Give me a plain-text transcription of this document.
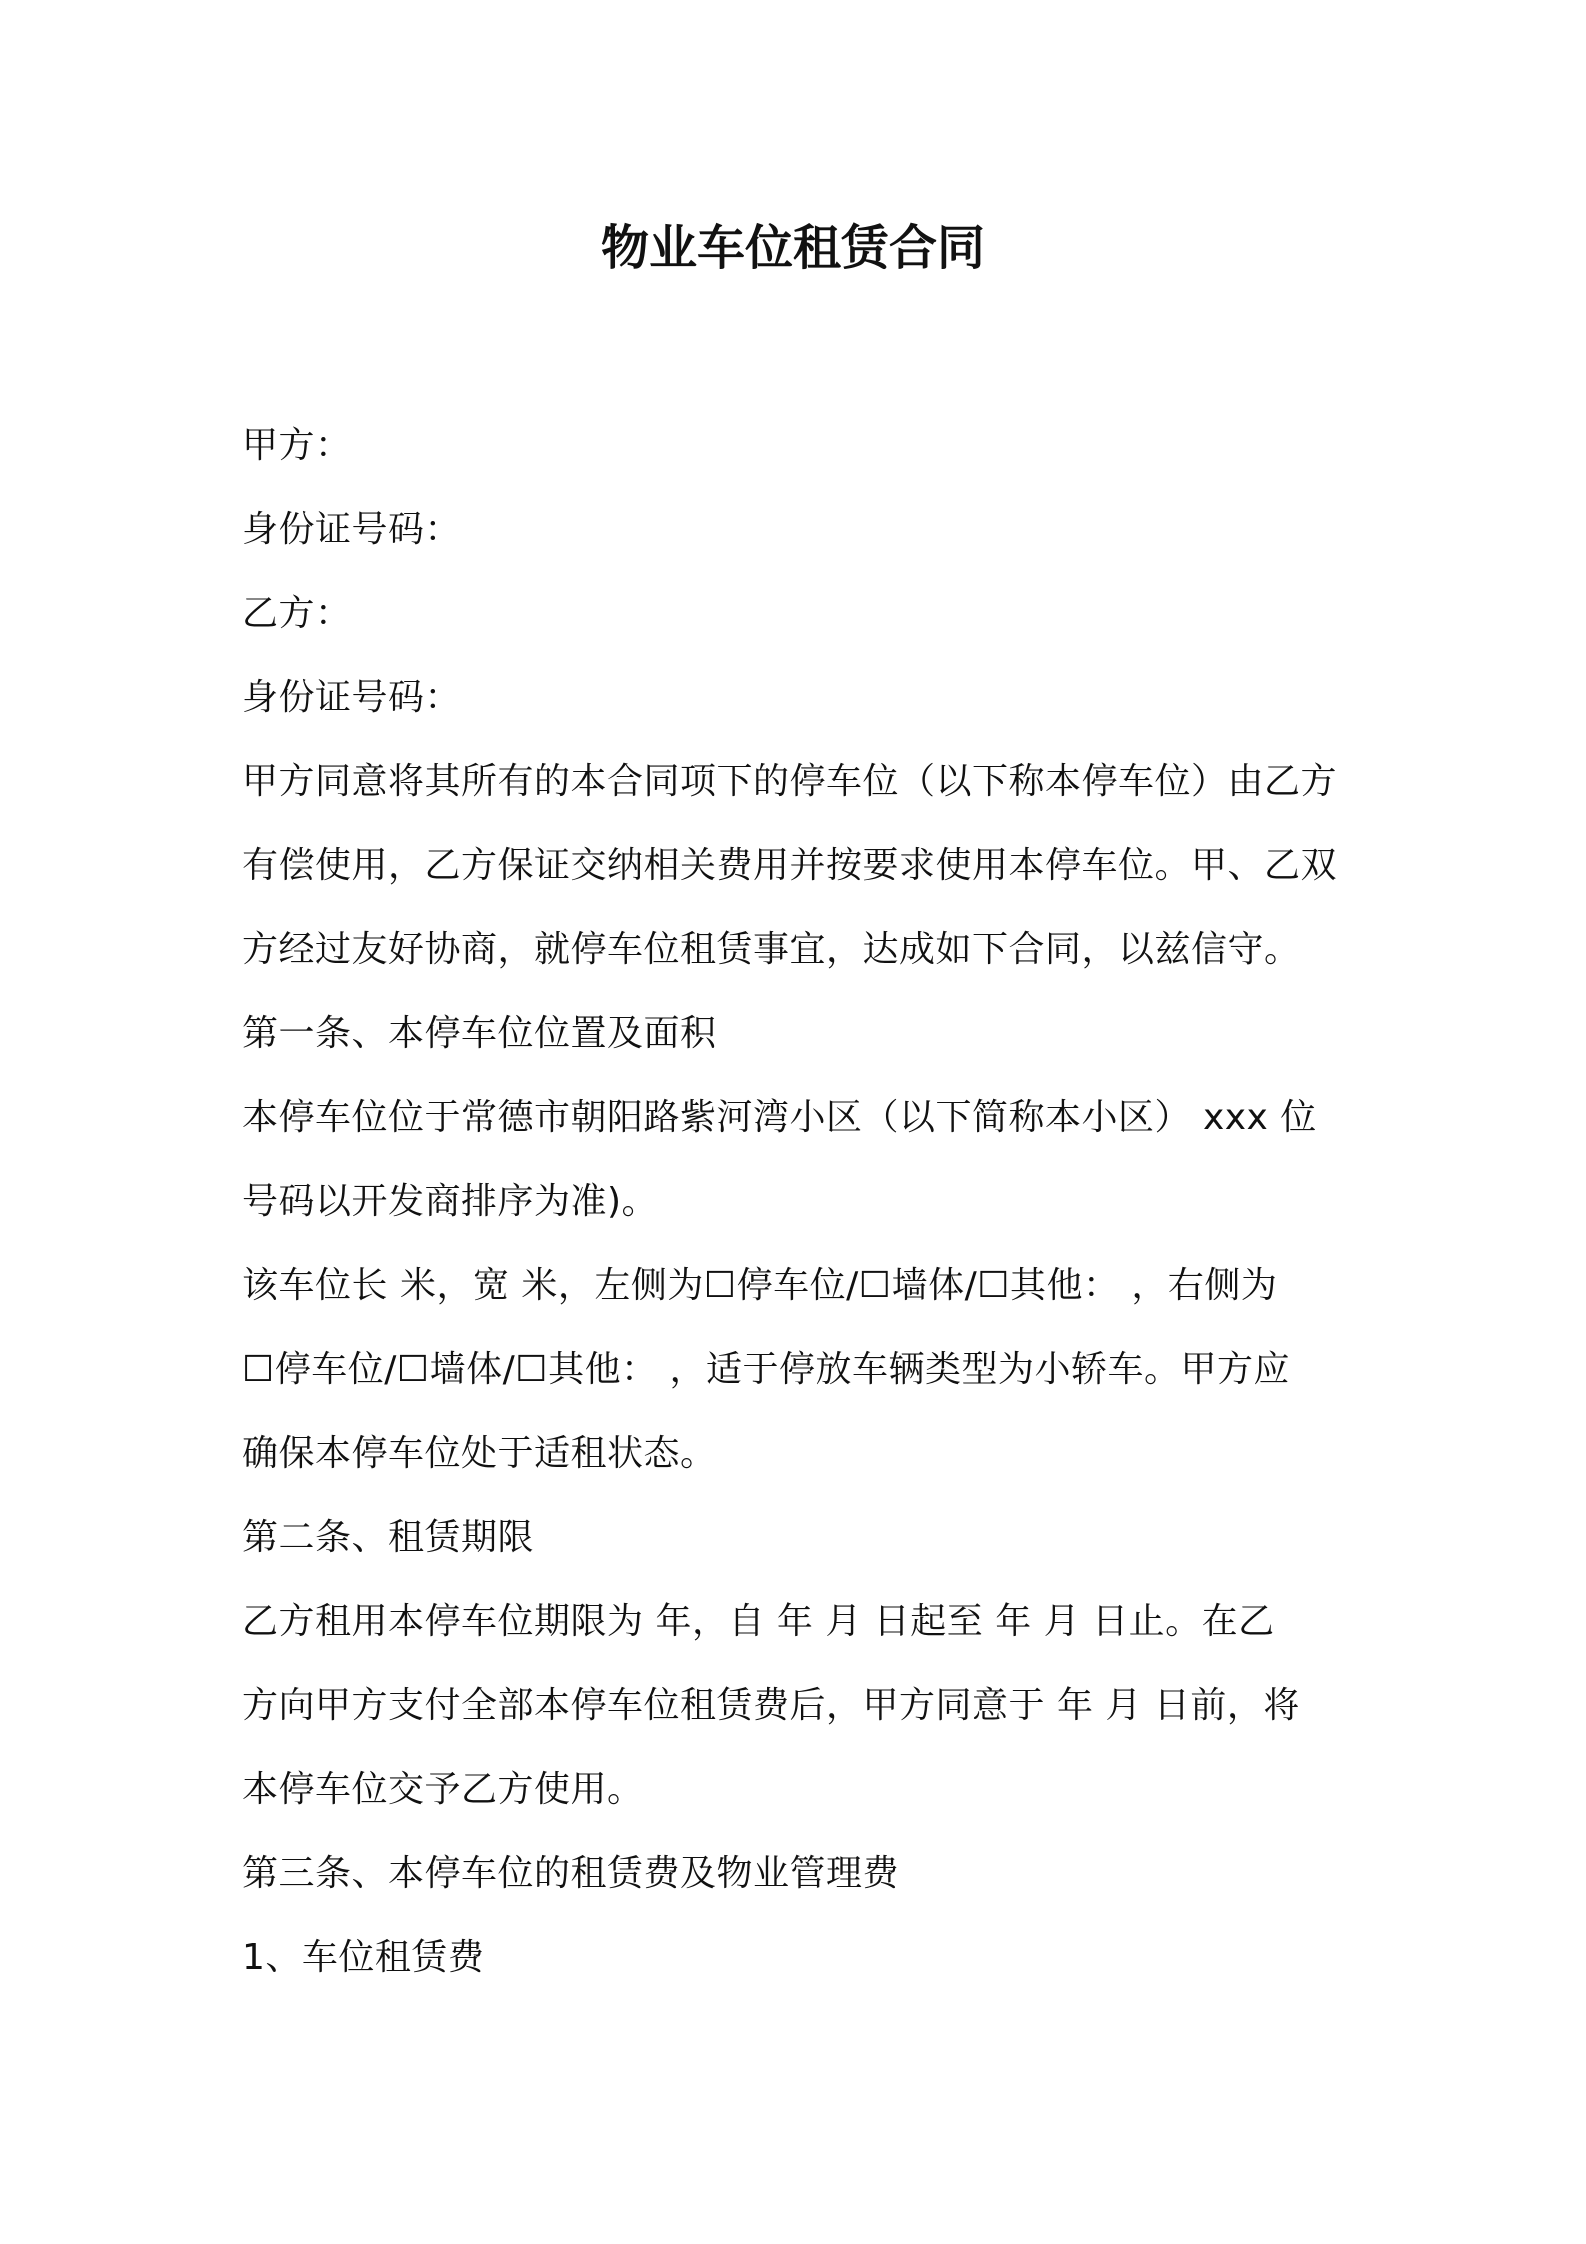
物业车位租赁合同
甲方：
身份证号码：
乙方：
身份证号码：
甲方同意将其所有的本合同项下的停车位（以下称本停车位）由乙方
有偿使用，乙方保证交纳相关费用并按要求使用本停车位。甲、乙双
方经过友好协商，就停车位租赁事宜，达成如下合同，以兹信守。
第一条、本停车位位置及面积
本停车位位于常德市朝阳路紫河湾小区（以下简称本小区） xxx 位
号码以开发商排序为准)。
该车位长 米，宽 米，左侧为☐停车位/☐墙体/☐其他： ，右侧为
☐停车位/☐墙体/☐其他： ，适于停放车辆类型为小轿车。甲方应
确保本停车位处于适租状态。
第二条、租赁期限
乙方租用本停车位期限为 年，自 年 月 日起至 年 月 日止。在乙
方向甲方支付全部本停车位租赁费后，甲方同意于 年 月 日前，将
本停车位交予乙方使用。
第三条、本停车位的租赁费及物业管理费
1、车位租赁费
